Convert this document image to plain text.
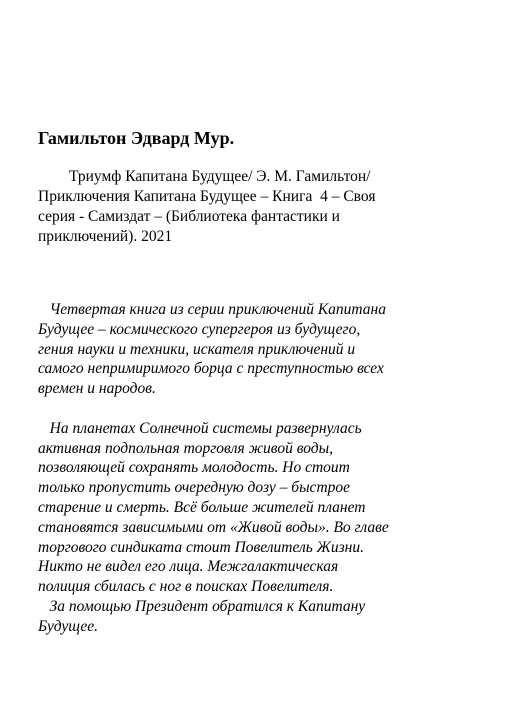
Гамильтон Эдвард Мур.
Триумф Капитана Будущее/ Э. М. Гамильтон/
Приключения Капитана Будущее – Книга  4 – Своя
серия - Самиздат – (Библиотека фантастики и
приключений). 2021
Четвертая книга из серии приключений Капитана
Будущее – космического супергероя из будущего,
гения науки и техники, искателя приключений и
самого непримиримого борца с преступностью всех
времен и народов.
На планетах Солнечной системы развернулась
активная подпольная торговля живой воды,
позволяющей сохранять молодость. Но стоит
только пропустить очередную дозу – быстрое
старение и смерть. Всё больше жителей планет
становятся зависимыми от «Живой воды». Во главе
торгового синдиката стоит Повелитель Жизни.
Никто не видел его лица. Межгалактическая
полиция сбилась с ног в поисках Повелителя.
За помощью Президент обратился к Капитану
Будущее.
